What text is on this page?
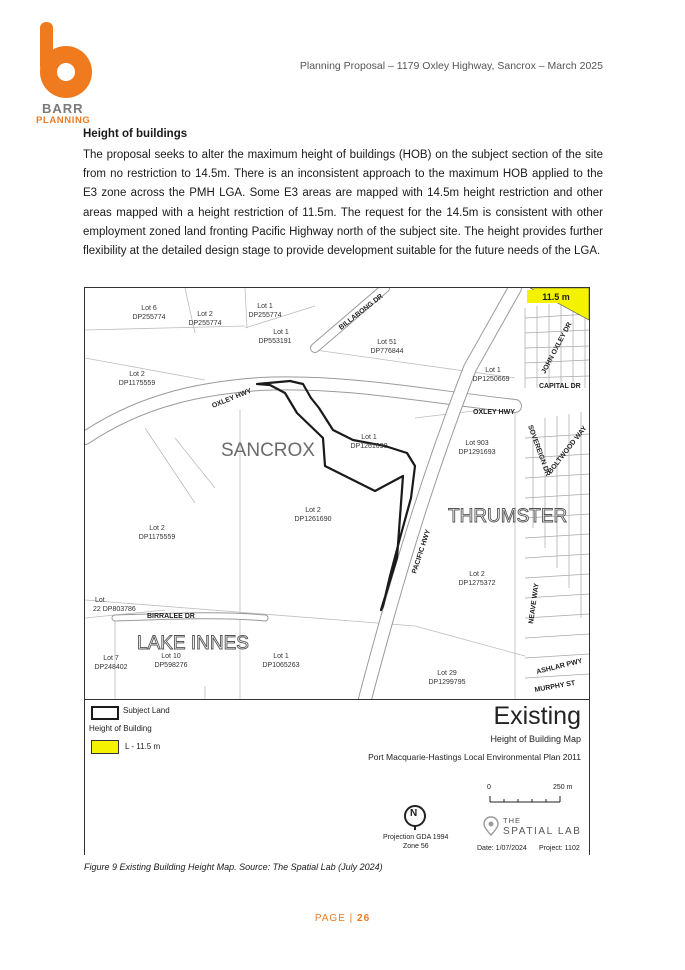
BARR
PLANNING
Planning Proposal – 1179 Oxley Highway, Sancrox – March 2025
Height of buildings
The proposal seeks to alter the maximum height of buildings (HOB) on the subject section of the site from no restriction to 14.5m. There is an inconsistent approach to the maximum HOB applied to the E3 zone across the PMH LGA. Some E3 areas are mapped with 14.5m height restriction and other areas mapped with a height restriction of 11.5m. The request for the 14.5m is consistent with other employment zoned land fronting Pacific Highway north of the subject site. The height provides further flexibility at the detailed design stage to provide development suitable for the future needs of the LGA.
11.5 m
SANCROX
THRUMSTER
LAKE INNES
OXLEY HWY
OXLEY HWY
PACIFIC HWY
BILLABONG DR
JOHN OXLEY DR
CAPITAL DR
SOVEREIGN DR
BOLTWOOD WAY
BIRRALEE DR	NEAVE WAY
ASHLAR PWY
MURPHY ST
Lot 6
DP255774	Lot 2
DP255774
Lot 1
DP255774
Lot 1
DP553191	Lot 51
DP776844
Lot 2
DP1175559
Lot 1
DP1250669
Lot 1
DP1261690	Lot 903
DP1291693
Lot 2
DP1261690
Lot 2
DP1175559
Lot 2
DP1275372
Lot
22 DP803786
Lot 7
DP248402
Lot 10
DP598276
Lot 1
DP1065263
Lot 29
DP1299795
Subject Land
Height of Building
L - 11.5 m
Existing
Height of Building Map
Port Macquarie-Hastings Local Environmental Plan 2011
0	250 m
N
Projection GDA 1994
Zone 56
THE
SPATIAL LAB
Date: 1/07/2024 Project: 1102
Figure 9 Existing Building Height Map. Source: The Spatial Lab (July 2024)
PAGE | 26
